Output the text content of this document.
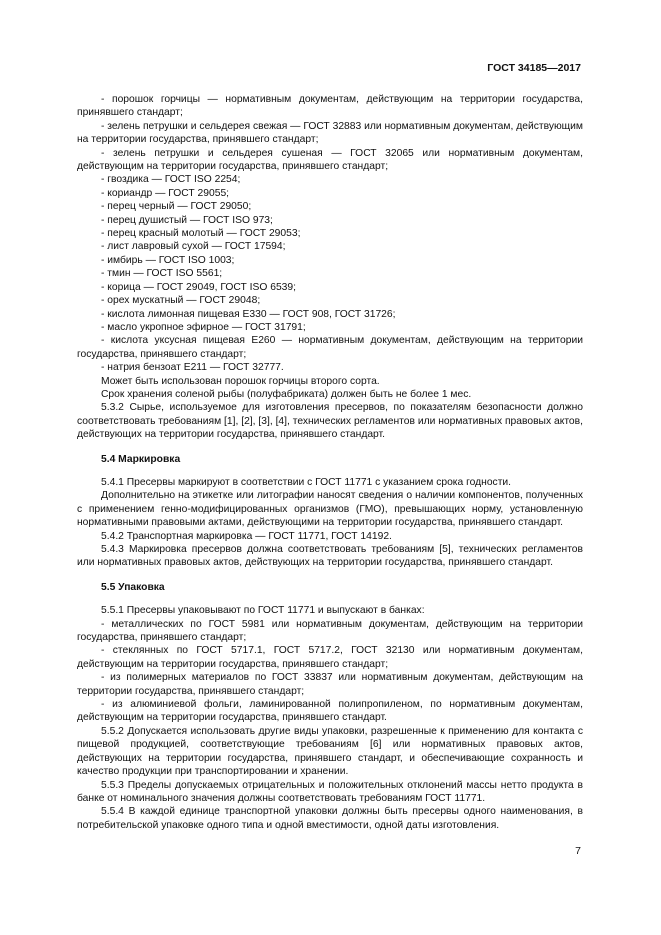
ГОСТ 34185—2017

- порошок горчицы — нормативным документам, действующим на территории государства, принявшего стандарт;

- зелень петрушки и сельдерея свежая — ГОСТ 32883 или нормативным документам, действующим на территории государства, принявшего стандарт;

- зелень петрушки и сельдерея сушеная — ГОСТ 32065 или нормативным документам, действующим на территории государства, принявшего стандарт;

- гвоздика — ГОСТ ISO 2254;

- кориандр — ГОСТ 29055;

- перец черный — ГОСТ 29050;

- перец душистый — ГОСТ ISO 973;

- перец красный молотый — ГОСТ 29053;

- лист лавровый сухой — ГОСТ 17594;

- имбирь — ГОСТ ISO 1003;

- тмин — ГОСТ ISO 5561;

- корица — ГОСТ 29049, ГОСТ ISO 6539;

- орех мускатный — ГОСТ 29048;

- кислота лимонная пищевая Е330 — ГОСТ 908, ГОСТ 31726;

- масло укропное эфирное — ГОСТ 31791;

- кислота уксусная пищевая Е260 — нормативным документам, действующим на территории государства, принявшего стандарт;

- натрия бензоат Е211 — ГОСТ 32777.

Может быть использован порошок горчицы второго сорта.

Срок хранения соленой рыбы (полуфабриката) должен быть не более 1 мес.

5.3.2 Сырье, используемое для изготовления пресервов, по показателям безопасности должно соответствовать требованиям [1], [2], [3], [4], технических регламентов или нормативных правовых актов, действующих на территории государства, принявшего стандарт.

5.4 Маркировка

5.4.1 Пресервы маркируют в соответствии с ГОСТ 11771 с указанием срока годности.

Дополнительно на этикетке или литографии наносят сведения о наличии компонентов, полученных с применением генно-модифицированных организмов (ГМО), превышающих норму, установленную нормативными правовыми актами, действующими на территории государства, принявшего стандарт.

5.4.2 Транспортная маркировка — ГОСТ 11771, ГОСТ 14192.

5.4.3 Маркировка пресервов должна соответствовать требованиям [5], технических регламентов или нормативных правовых актов, действующих на территории государства, принявшего стандарт.

5.5 Упаковка

5.5.1 Пресервы упаковывают по ГОСТ 11771 и выпускают в банках:

- металлических по ГОСТ 5981 или нормативным документам, действующим на территории государства, принявшего стандарт;

- стеклянных по ГОСТ 5717.1, ГОСТ 5717.2, ГОСТ 32130 или нормативным документам, действующим на территории государства, принявшего стандарт;

- из полимерных материалов по ГОСТ 33837 или нормативным документам, действующим на территории государства, принявшего стандарт;

- из алюминиевой фольги, ламинированной полипропиленом, по нормативным документам, действующим на территории государства, принявшего стандарт.

5.5.2 Допускается использовать другие виды упаковки, разрешенные к применению для контакта с пищевой продукцией, соответствующие требованиям [6] или нормативных правовых актов, действующих на территории государства, принявшего стандарт, и обеспечивающие сохранность и качество продукции при транспортировании и хранении.

5.5.3 Пределы допускаемых отрицательных и положительных отклонений массы нетто продукта в банке от номинального значения должны соответствовать требованиям ГОСТ 11771.

5.5.4 В каждой единице транспортной упаковки должны быть пресервы одного наименования, в потребительской упаковке одного типа и одной вместимости, одной даты изготовления.

7
